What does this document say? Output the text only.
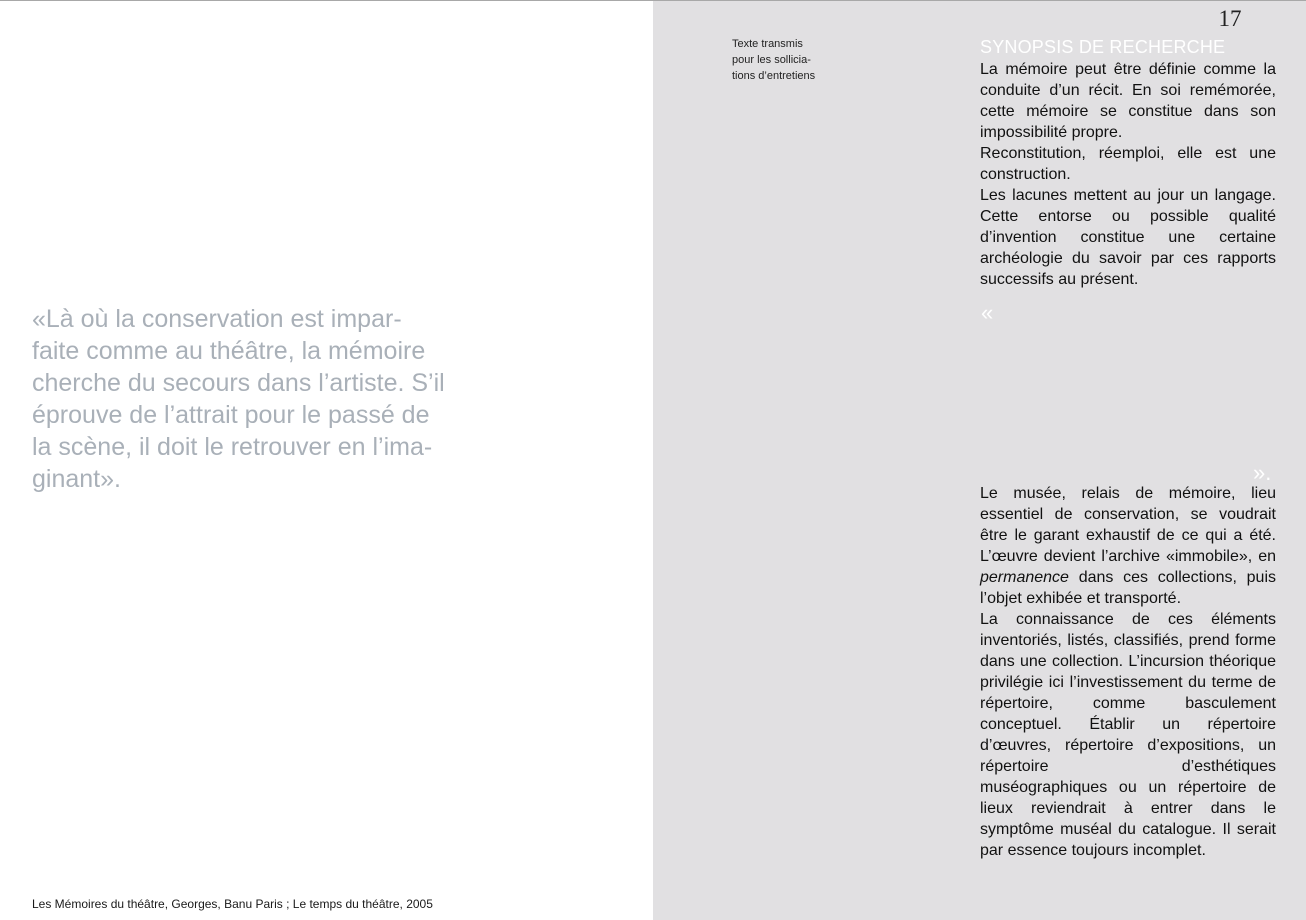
«Là où la conservation est impar-
faite comme au théâtre, la mémoire
cherche du secours dans l’artiste. S’il
éprouve de l’attrait pour le passé de
la scène, il doit le retrouver en l’ima-
ginant».

Les Mémoires du théâtre, Georges, Banu Paris ; Le temps du théâtre, 2005

17

Texte transmis
pour les sollicia-
tions d’entretiens

SYNOPSIS DE RECHERCHE

La mémoire peut être définie comme la conduite d’un récit. En soi remémorée, cette mémoire se constitue dans son impossibilité propre.

Reconstitution, réemploi, elle est une construction.

Les lacunes mettent au jour un langage. Cette entorse ou possible qualité d’invention constitue une certaine archéologie du savoir par ces rapports successifs au présent.

«

».

Le musée, relais de mémoire, lieu essentiel de conservation, se voudrait être le garant exhaustif de ce qui a été. L’œuvre devient l’archive «immobile», en permanence dans ces collections, puis l’objet exhibée et transporté.

La connaissance de ces éléments inventoriés, listés, classifiés, prend forme dans une collection. L’incursion théorique privilégie ici l’investissement du terme de répertoire, comme basculement conceptuel. Établir un répertoire d’œuvres, répertoire d’expositions, un répertoire d’esthétiques muséographiques ou un répertoire de lieux reviendrait à entrer dans le symptôme muséal du catalogue. Il serait par essence toujours incomplet.
